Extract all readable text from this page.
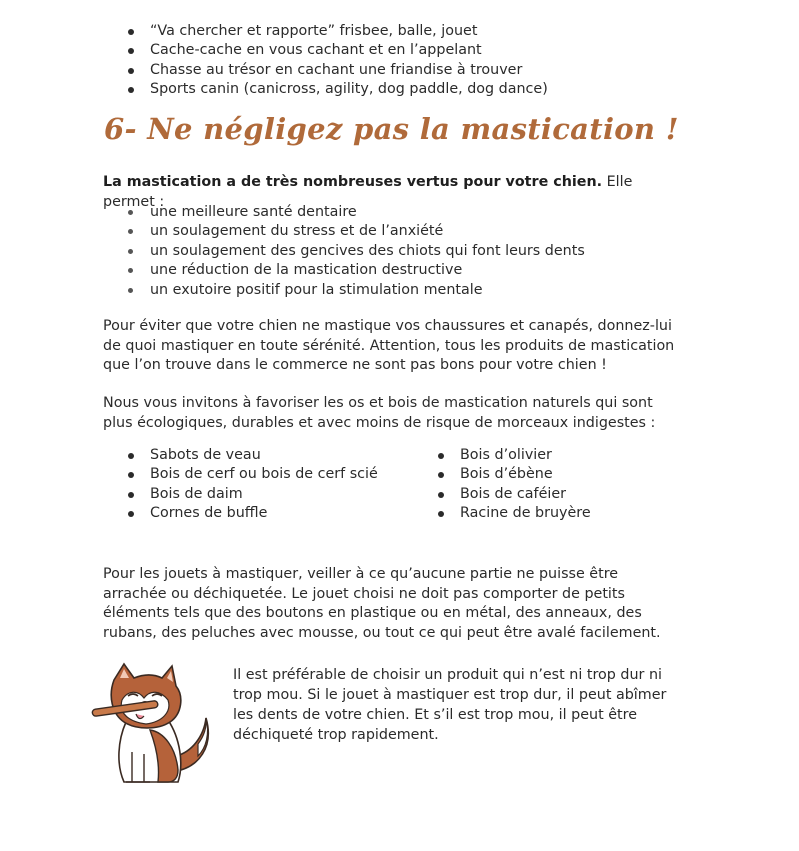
“Va chercher et rapporte” frisbee, balle, jouet
Cache-cache en vous cachant et en l’appelant
Chasse au trésor en cachant une friandise à trouver
Sports canin (canicross, agility, dog paddle, dog dance)
6- Ne négligez pas la mastication !

La mastication a de très nombreuses vertus pour votre chien. Elle permet :

une meilleure santé dentaire
un soulagement du stress et de l’anxiété
un soulagement des gencives des chiots qui font leurs dents
une réduction de la mastication destructive
un exutoire positif pour la stimulation mentale

Pour éviter que votre chien ne mastique vos chaussures et canapés, donnez-lui de quoi mastiquer en toute sérénité. Attention, tous les produits de mastication que l’on trouve dans le commerce ne sont pas bons pour votre chien !

Nous vous invitons à favoriser les os et bois de mastication naturels qui sont plus écologiques, durables et avec moins de risque de morceaux indigestes :

Sabots de veau
Bois de cerf ou bois de cerf scié
Bois de daim
Cornes de buffle
Bois d’olivier
Bois d’ébène
Bois de caféier
Racine de bruyère

Pour les jouets à mastiquer, veiller à ce qu’aucune partie ne puisse être arrachée ou déchiquetée. Le jouet choisi ne doit pas comporter de petits éléments tels que des boutons en plastique ou en métal, des anneaux, des rubans, des peluches avec mousse, ou tout ce qui peut être avalé facilement.

Il est préférable de choisir un produit qui n’est ni trop dur ni trop mou. Si le jouet à mastiquer est trop dur, il peut abîmer les dents de votre chien. Et s’il est trop mou, il peut être déchiqueté trop rapidement.
